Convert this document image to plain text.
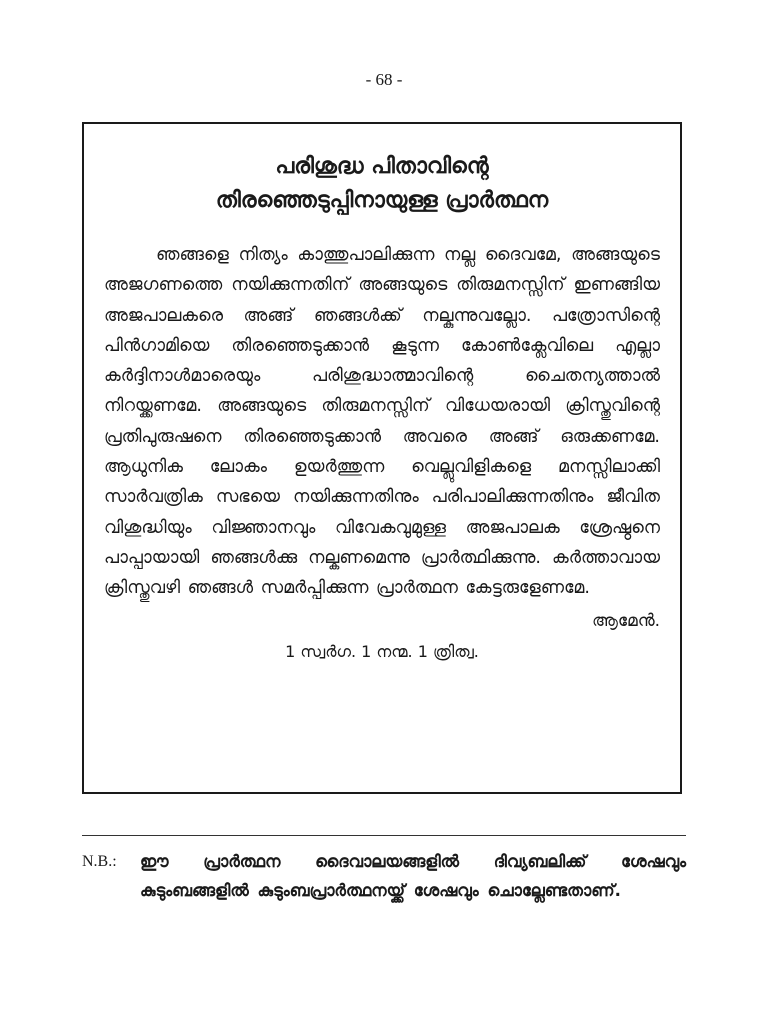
- 68 -
പരിശുദ്ധ പിതാവിന്റെ
തിരഞ്ഞെടുപ്പിനായുള്ള പ്രാർത്ഥന

ഞങ്ങളെ നിത്യം കാത്തുപാലിക്കുന്ന നല്ല ദൈവമേ, അങ്ങയുടെ അജഗണത്തെ നയിക്കുന്നതിന് അങ്ങയുടെ തിരുമനസ്സിന് ഇണങ്ങിയ അജപാലകരെ അങ്ങ് ഞങ്ങൾക്ക് നല്കുന്നുവല്ലോ. പത്രോസിന്റെ പിൻഗാമിയെ തിരഞ്ഞെടുക്കാൻ കൂടുന്ന കോൺക്ലേവിലെ എല്ലാ കർദ്ദിനാൾമാരെയും പരിശുദ്ധാത്മാവിന്റെ ചൈതന്യത്താൽ നിറയ്ക്കണമേ. അങ്ങയുടെ തിരുമനസ്സിന് വിധേയരായി ക്രിസ്തുവിന്റെ പ്രതിപുരുഷനെ തിരഞ്ഞെടുക്കാൻ അവരെ അങ്ങ് ഒരുക്കണമേ. ആധുനിക ലോകം ഉയർത്തുന്ന വെല്ലുവിളികളെ മനസ്സിലാക്കി സാർവത്രിക സഭയെ നയിക്കുന്നതിനും പരിപാലിക്കുന്നതിനും ജീവിത വിശുദ്ധിയും വിജ്ഞാനവും വിവേകവുമുള്ള അജപാലക ശ്രേഷ്ഠനെ പാപ്പായായി ഞങ്ങൾക്കു നല്കണമെന്നു പ്രാർത്ഥിക്കുന്നു. കർത്താവായ ക്രിസ്തുവഴി ഞങ്ങൾ സമർപ്പിക്കുന്ന പ്രാർത്ഥന കേട്ടരുളേണമേ.

ആമേൻ.

1 സ്വർഗ. 1 നന്മ. 1 ത്രിത്വ.

N.B.:	ഈ പ്രാർത്ഥന ദൈവാലയങ്ങളിൽ ദിവ്യബലിക്ക് ശേഷവും കുടുംബങ്ങളിൽ കുടുംബപ്രാർത്ഥനയ്ക്ക് ശേഷവും ചൊല്ലേണ്ടതാണ്.
